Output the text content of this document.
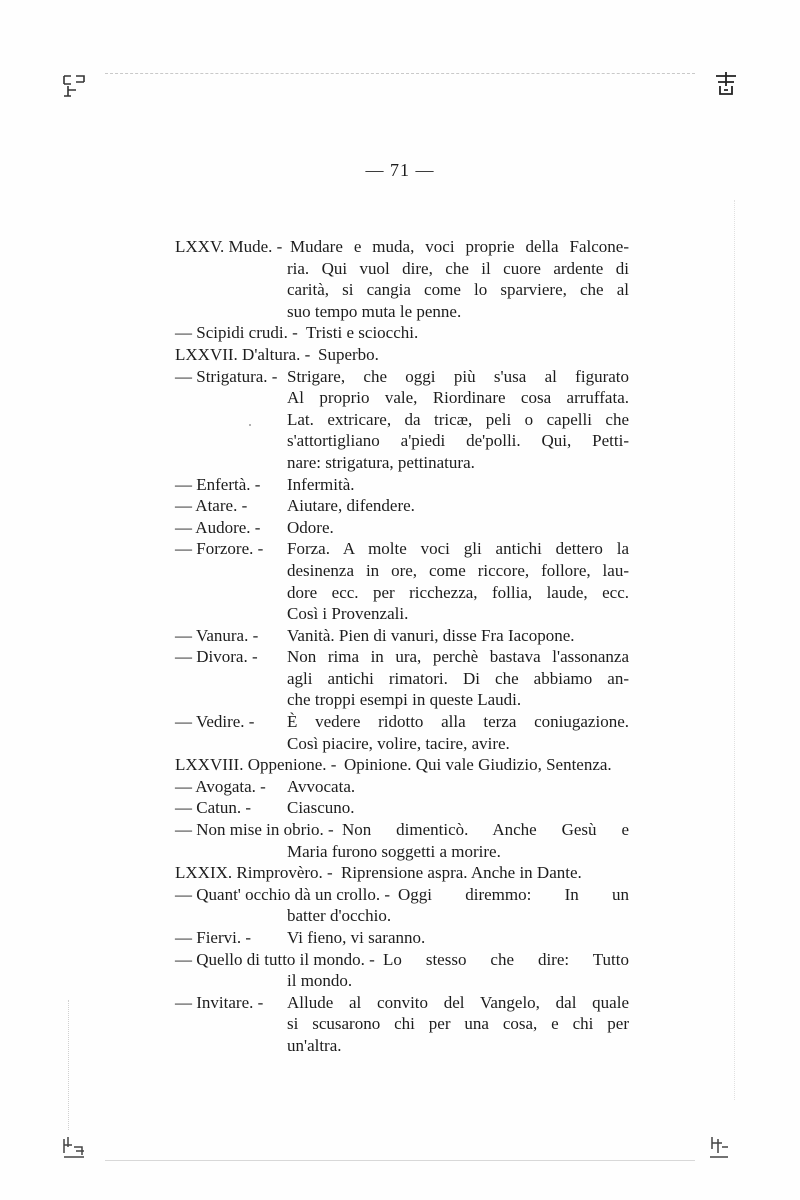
— 71 —
LXXV. Mude. - Mudare e muda, voci proprie della Falcone-
ria. Qui vuol dire, che il cuore ardente di
carità, si cangia come lo sparviere, che al
suo tempo muta le penne.
— Scipidi crudi. - Tristi e sciocchi.
LXXVII. D'altura. - Superbo.
— Strigatura. - Strigare, che oggi più s'usa al figurato
Al proprio vale, Riordinare cosa arruffata.
Lat. extricare, da tricæ, peli o capelli che
s'attortigliano a'piedi de'polli. Qui, Petti-
nare: strigatura, pettinatura.
— Enfertà. - Infermità.
— Atare. - Aiutare, difendere.
— Audore. - Odore.
— Forzore. - Forza. A molte voci gli antichi dettero la
desinenza in ore, come riccore, follore, lau-
dore ecc. per ricchezza, follia, laude, ecc.
Così i Provenzali.
— Vanura. - Vanità. Pien di vanuri, disse Fra Iacopone.
— Divora. - Non rima in ura, perchè bastava l'assonanza
agli antichi rimatori. Di che abbiamo an-
che troppi esempi in queste Laudi.
— Vedire. - È vedere ridotto alla terza coniugazione.
Così piacire, volire, tacire, avire.
LXXVIII. Oppenione. - Opinione. Qui vale Giudizio, Sentenza.
— Avogata. - Avvocata.
— Catun. - Ciascuno.
— Non mise in obrio. - Non dimenticò. Anche Gesù e
Maria furono soggetti a morire.
LXXIX. Rimprovèro. - Riprensione aspra. Anche in Dante.
— Quant' occhio dà un crollo. - Oggi diremmo: In un
batter d'occhio.
— Fiervi. - Vi fieno, vi saranno.
— Quello di tutto il mondo. - Lo stesso che dire: Tutto
il mondo.
— Invitare. - Allude al convito del Vangelo, dal quale
si scusarono chi per una cosa, e chi per
un'altra.
